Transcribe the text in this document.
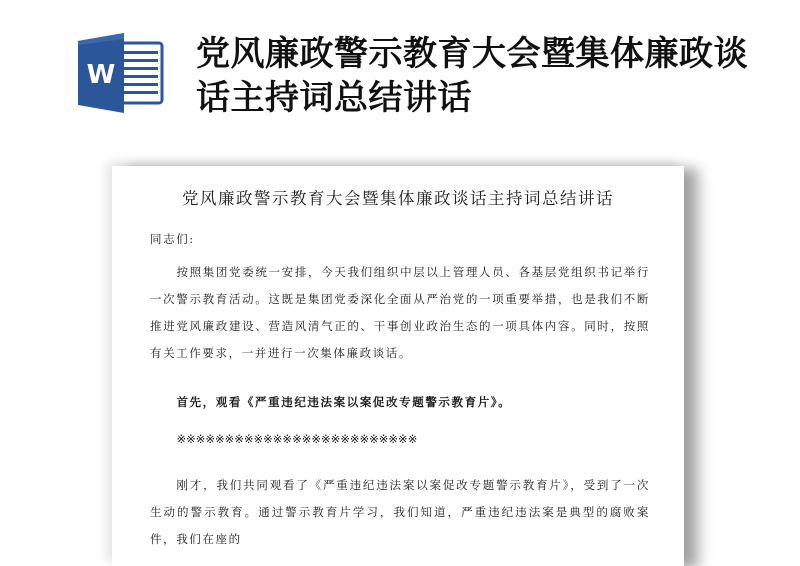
W
党风廉政警示教育大会暨集体廉政谈话主持词总结讲话
党风廉政警示教育大会暨集体廉政谈话主持词总结讲话
同志们:
按照集团党委统一安排，今天我们组织中层以上管理人员、各基层党组织书记举行一次警示教育活动。这既是集团党委深化全面从严治党的一项重要举措，也是我们不断推进党风廉政建设、营造风清气正的、干事创业政治生态的一项具体内容。同时，按照有关工作要求，一并进行一次集体廉政谈话。
首先，观看《严重违纪违法案以案促改专题警示教育片》。
※※※※※※※※※※※※※※※※※※※※※※※※※
刚才，我们共同观看了《严重违纪违法案以案促改专题警示教育片》，受到了一次生动的警示教育。通过警示教育片学习，我们知道，严重违纪违法案是典型的腐败案件，我们在座的
